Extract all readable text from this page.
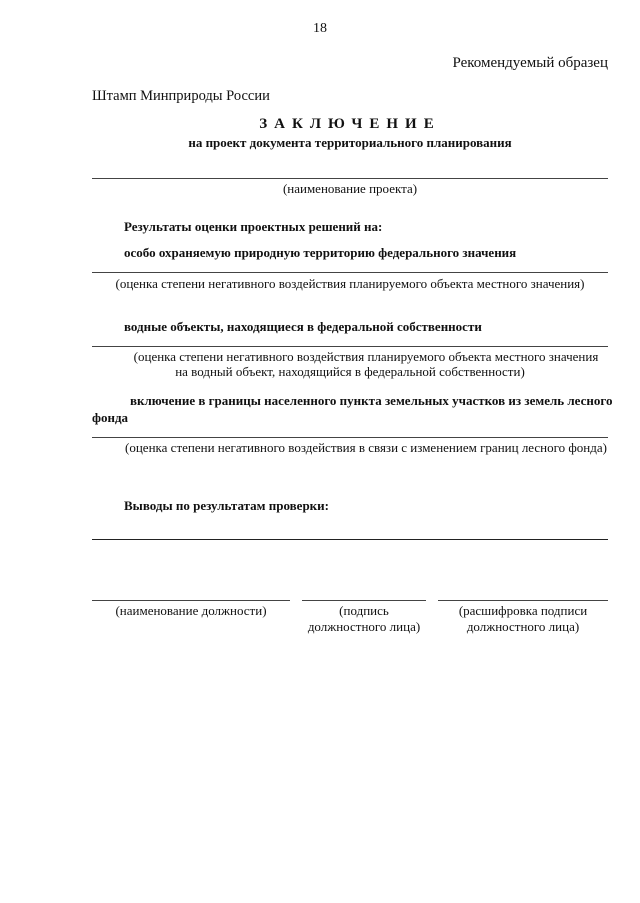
18
Рекомендуемый образец
Штамп Минприроды России
ЗАКЛЮЧЕНИЕ
на проект документа территориального планирования
(наименование проекта)
Результаты оценки проектных решений на:
особо охраняемую природную территорию федерального значения
(оценка степени негативного воздействия планируемого объекта местного значения)
водные объекты, находящиеся в федеральной собственности
(оценка степени негативного воздействия планируемого объекта местного значения
на водный объект, находящийся в федеральной собственности)
включение в границы населенного пункта земельных участков из земель лесного
фонда
(оценка степени негативного воздействия в связи с изменением границ лесного фонда)
Выводы по результатам проверки:
(наименование должности)	(подпись
должностного лица)
(расшифровка подписи
должностного лица)
